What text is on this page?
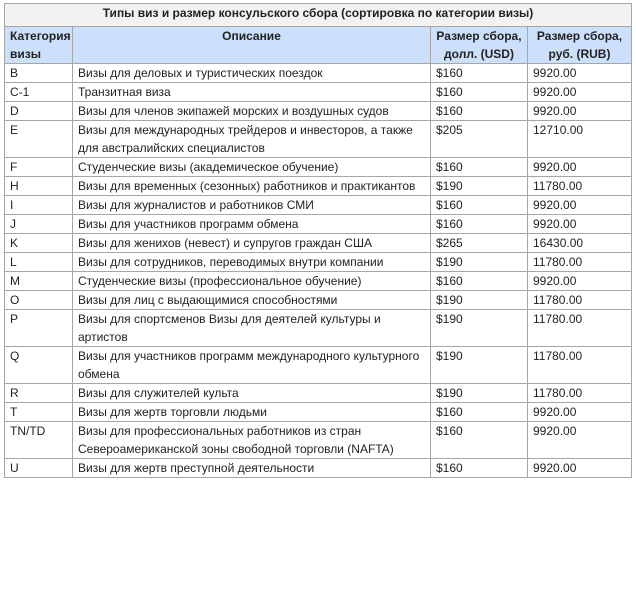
Типы виз и размер консульского сбора (сортировка по категории визы)			
Категория визы	Описание	Размер сбора, долл. (USD)	Размер сбора, руб. (RUB)
B	Визы для деловых и туристических поездок	$160	9920.00
C-1	Транзитная виза	$160	9920.00
D	Визы для членов экипажей морских и воздушных судов	$160	9920.00
E	Визы для международных трейдеров и инвесторов, а также для австралийских специалистов	$205	12710.00
F	Студенческие визы (академическое обучение)	$160	9920.00
H	Визы для временных (сезонных) работников и практикантов	$190	11780.00
I	Визы для журналистов и работников СМИ	$160	9920.00
J	Визы для участников программ обмена	$160	9920.00
K	Визы для женихов (невест) и супругов граждан США	$265	16430.00
L	Визы для сотрудников, переводимых внутри компании	$190	11780.00
M	Студенческие визы (профессиональное обучение)	$160	9920.00
O	Визы для лиц с выдающимися способностями	$190	11780.00
P	Визы для спортсменов Визы для деятелей культуры и артистов	$190	11780.00
Q	Визы для участников программ международного культурного обмена	$190	11780.00
R	Визы для служителей культа	$190	11780.00
T	Визы для жертв торговли людьми	$160	9920.00
TN/TD	Визы для профессиональных работников из стран Североамериканской зоны свободной торговли (NAFTA)	$160	9920.00
U	Визы для жертв преступной деятельности	$160	9920.00
